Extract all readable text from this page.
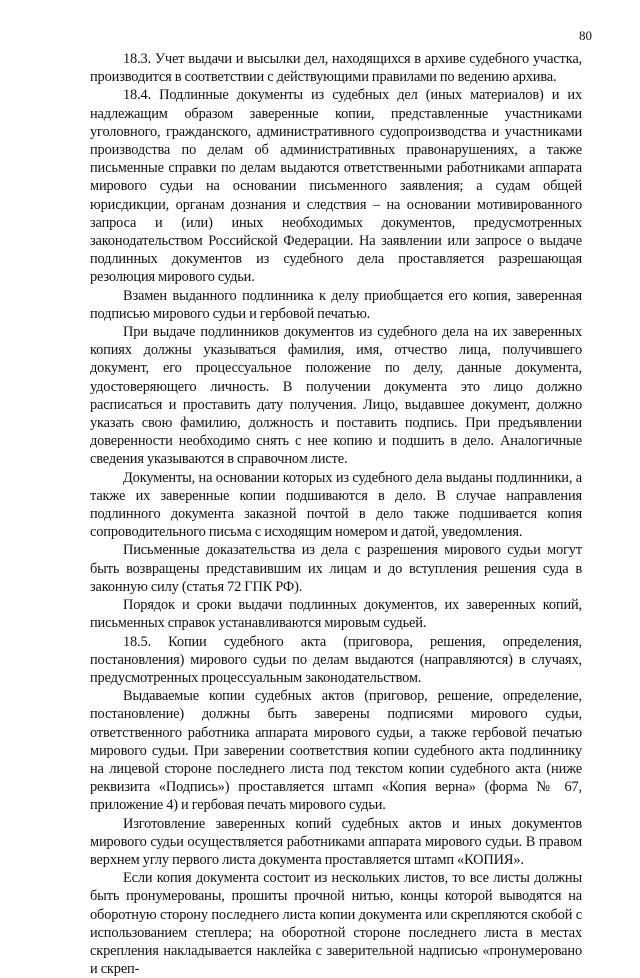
80

18.3. Учет выдачи и высылки дел, находящихся в архиве судебного участка, производится в соответствии с действующими правилами по ведению архива.

18.4. Подлинные документы из судебных дел (иных материалов) и их надлежащим образом заверенные копии, представленные участниками уголовного, гражданского, административного судопроизводства и участниками производства по делам об административных правонарушениях, а также письменные справки по делам выдаются ответственными работниками аппарата мирового судьи на основании письменного заявления; а судам общей юрисдикции, органам дознания и следствия – на основании мотивированного запроса и (или) иных необходимых документов, предусмотренных законодательством Российской Федерации. На заявлении или запросе о выдаче подлинных документов из судебного дела проставляется разрешающая резолюция мирового судьи.

Взамен выданного подлинника к делу приобщается его копия, заверенная подписью мирового судьи и гербовой печатью.

При выдаче подлинников документов из судебного дела на их заверенных копиях должны указываться фамилия, имя, отчество лица, получившего документ, его процессуальное положение по делу, данные документа, удостоверяющего личность. В получении документа это лицо должно расписаться и проставить дату получения. Лицо, выдавшее документ, должно указать свою фамилию, должность и поставить подпись. При предъявлении доверенности необходимо снять с нее копию и подшить в дело. Аналогичные сведения указываются в справочном листе.

Документы, на основании которых из судебного дела выданы подлинники, а также их заверенные копии подшиваются в дело. В случае направления подлинного документа заказной почтой в дело также подшивается копия сопроводительного письма с исходящим номером и датой, уведомления.

Письменные доказательства из дела с разрешения мирового судьи могут быть возвращены представившим их лицам и до вступления решения суда в законную силу (статья 72 ГПК РФ).

Порядок и сроки выдачи подлинных документов, их заверенных копий, письменных справок устанавливаются мировым судьей.

18.5. Копии судебного акта (приговора, решения, определения, постановления) мирового судьи по делам выдаются (направляются) в случаях, предусмотренных процессуальным законодательством.

Выдаваемые копии судебных актов (приговор, решение, определение, постановление) должны быть заверены подписями мирового судьи, ответственного работника аппарата мирового судьи, а также гербовой печатью мирового судьи. При заверении соответствия копии судебного акта подлиннику на лицевой стороне последнего листа под текстом копии судебного акта (ниже реквизита «Подпись») проставляется штамп «Копия верна» (форма № 67, приложение 4) и гербовая печать мирового судьи.

Изготовление заверенных копий судебных актов и иных документов мирового судьи осуществляется работниками аппарата мирового судьи. В правом верхнем углу первого листа документа проставляется штамп «КОПИЯ».

Если копия документа состоит из нескольких листов, то все листы должны быть пронумерованы, прошиты прочной нитью, концы которой выводятся на оборотную сторону последнего листа копии документа или скрепляются скобой с использованием степлера; на оборотной стороне последнего листа в местах скрепления накладывается наклейка с заверительной надписью «пронумеровано и скреп-
